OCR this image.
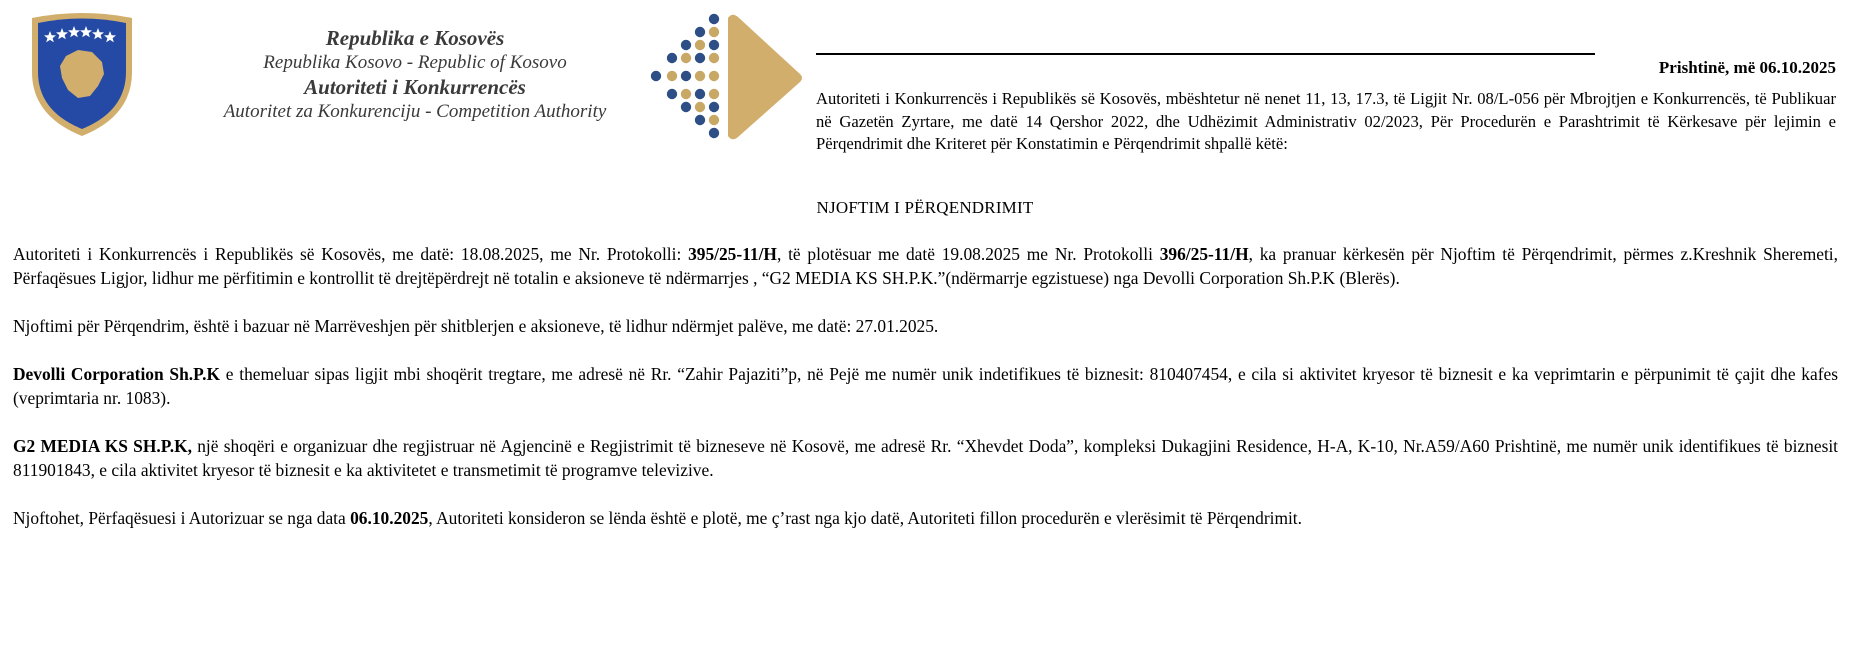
Republika e Kosovës
Republika Kosovo - Republic of Kosovo
Autoriteti i Konkurrencës
Autoritet za Konkurenciju - Competition Authority
Prishtinë, më 06.10.2025
Autoriteti i Konkurrencës i Republikës së Kosovës, mbështetur në nenet 11, 13, 17.3, të Ligjit Nr. 08/L-056 për Mbrojtjen e Konkurrencës, të Publikuar në Gazetën Zyrtare, me datë 14 Qershor 2022, dhe Udhëzimit Administrativ 02/2023, Për Procedurën e Parashtrimit të Kërkesave për lejimin e Përqendrimit dhe Kriteret për Konstatimin e Përqendrimit shpallë këtë:
NJOFTIM I PËRQENDRIMIT

Autoriteti i Konkurrencës i Republikës së Kosovës, me datë: 18.08.2025, me Nr. Protokolli: 395/25-11/H, të plotësuar me datë 19.08.2025 me Nr. Protokolli 396/25-11/H, ka pranuar kërkesën për Njoftim të Përqendrimit, përmes z.Kreshnik Sheremeti, Përfaqësues Ligjor, lidhur me përfitimin e kontrollit të drejtëpërdrejt në totalin e aksioneve të ndërmarrjes , “G2 MEDIA KS SH.P.K.”(ndërmarrje egzistuese) nga Devolli Corporation Sh.P.K (Blerës).

Njoftimi për Përqendrim, është i bazuar në Marrëveshjen për shitblerjen e aksioneve, të lidhur ndërmjet palëve, me datë: 27.01.2025.

Devolli Corporation Sh.P.K e themeluar sipas ligjit mbi shoqërit tregtare, me adresë në Rr. “Zahir Pajaziti”p, në Pejë me numër unik indetifikues të biznesit: 810407454, e cila si aktivitet kryesor të biznesit e ka veprimtarin e përpunimit të çajit dhe kafes (veprimtaria nr. 1083).

G2 MEDIA KS SH.P.K, një shoqëri e organizuar dhe regjistruar në Agjencinë e Regjistrimit të bizneseve në Kosovë, me adresë Rr. “Xhevdet Doda”, kompleksi Dukagjini Residence, H-A, K-10, Nr.A59/A60 Prishtinë, me numër unik identifikues të biznesit 811901843, e cila aktivitet kryesor të biznesit e ka aktivitetet e transmetimit të programve televizive.

Njoftohet, Përfaqësuesi i Autorizuar se nga data 06.10.2025, Autoriteti konsideron se lënda është e plotë, me ç’rast nga kjo datë, Autoriteti fillon procedurën e vlerësimit të Përqendrimit.
